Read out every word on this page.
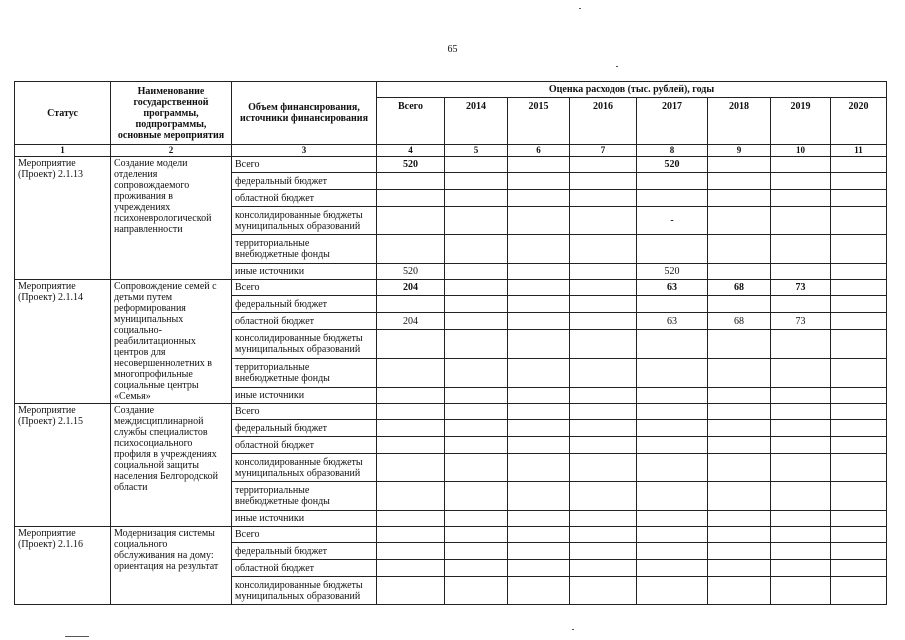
65
Статус	Наименование государственной программы, подпрограммы, основные мероприятия	Объем финансирования, источники финансирования	Оценка расходов (тыс. рублей), годы							
			Всего	2014	2015	2016	2017	2018	2019	2020
1	2	3	4	5	6	7	8	9	10	11
Мероприятие (Проект) 2.1.13	Создание модели отделения сопровождаемого проживания в учреждениях психоневрологической направленности	Всего	520				520			
		федеральный бюджет								
		областной бюджет								
		консолидированные бюджеты муниципальных образований					-			
		территориальные внебюджетные фонды								
		иные источники	520				520			
Мероприятие (Проект) 2.1.14	Сопровождение семей с детьми путем реформирования муниципальных социально-реабилитационных центров для несовершеннолетних в многопрофильные социальные центры «Семья»	Всего	204				63	68	73	
		федеральный бюджет								
		областной бюджет	204				63	68	73	
		консолидированные бюджеты муниципальных образований								
		территориальные внебюджетные фонды								
		иные источники								
Мероприятие (Проект) 2.1.15	Создание междисциплинарной службы специалистов психосоциального профиля в учреждениях социальной защиты населения Белгородской области	Всего								
		федеральный бюджет								
		областной бюджет								
		консолидированные бюджеты муниципальных образований								
		территориальные внебюджетные фонды								
		иные источники								
Мероприятие (Проект) 2.1.16	Модернизация системы социального обслуживания на дому: ориентация на результат	Всего								
		федеральный бюджет								
		областной бюджет								
		консолидированные бюджеты муниципальных образований								
